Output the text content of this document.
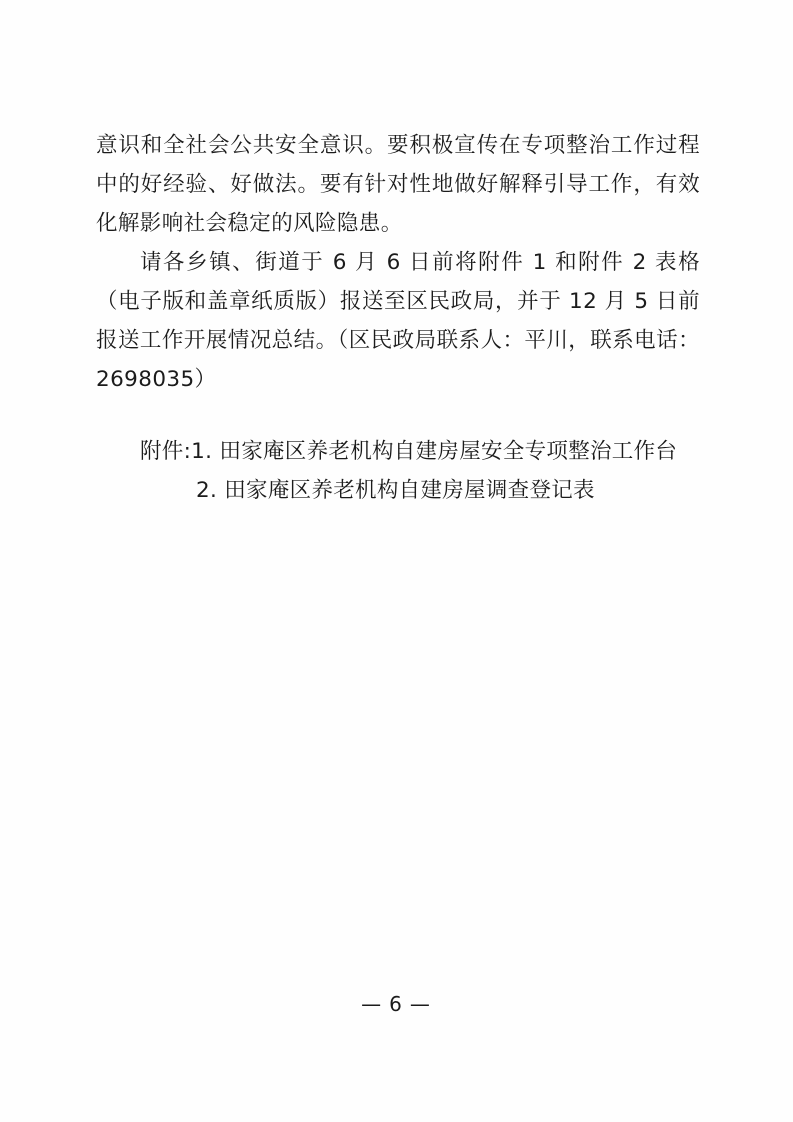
意识和全社会公共安全意识。要积极宣传在专项整治工作过程中的好经验、好做法。要有针对性地做好解释引导工作，有效化解影响社会稳定的风险隐患。

请各乡镇、街道于 6 月 6 日前将附件 1 和附件 2 表格（电子版和盖章纸质版）报送至区民政局，并于 12 月 5 日前报送工作开展情况总结。（区民政局联系人：平川，联系电话：2698035）

附件:1. 田家庵区养老机构自建房屋安全专项整治工作台
2. 田家庵区养老机构自建房屋调查登记表
— 6 —
